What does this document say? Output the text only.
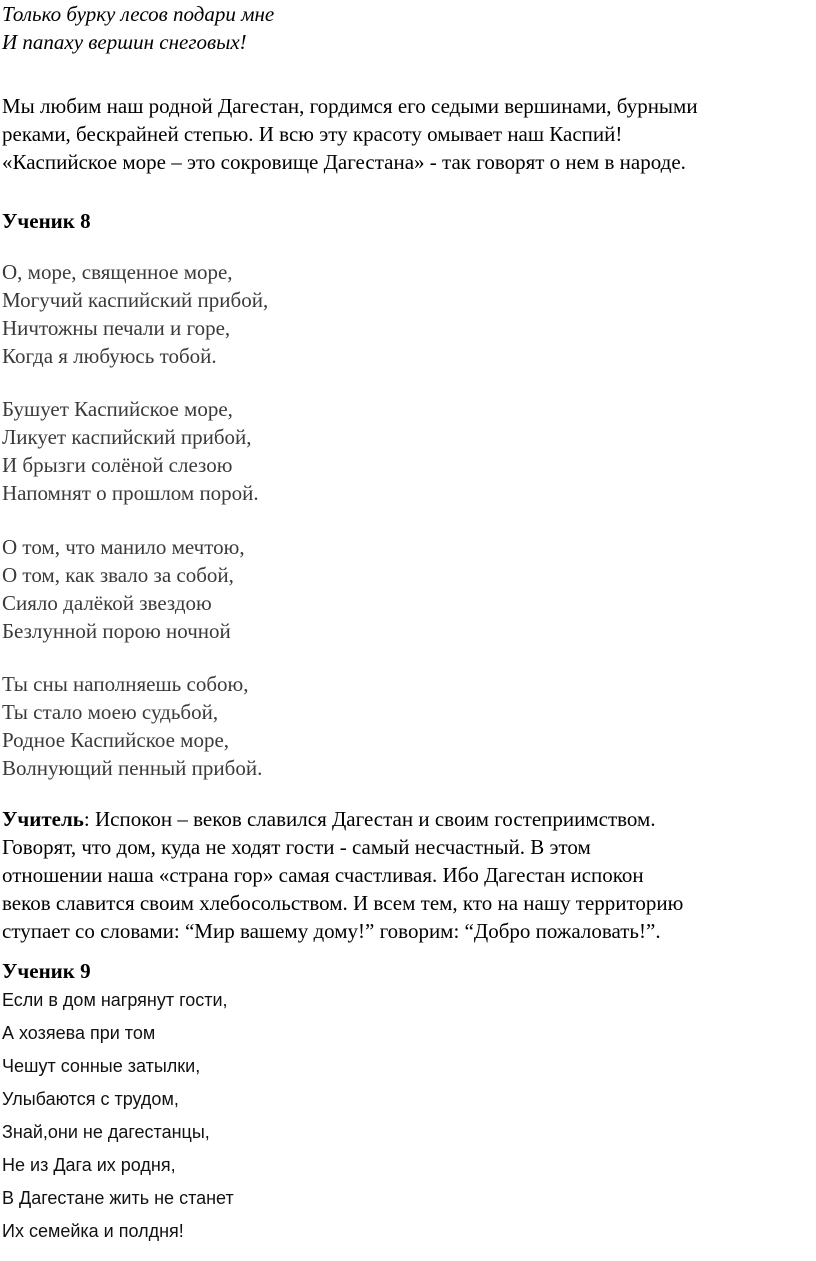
Только бурку лесов подари мне
И папаху вершин снеговых!
Мы любим наш родной Дагестан, гордимся его седыми вершинами, бурными
реками, бескрайней степью. И всю эту красоту омывает наш Каспий!
«Каспийское море – это сокровище Дагестана» - так говорят о нем в народе.
Ученик 8
О, море, священное море,
Могучий каспийский прибой,
Ничтожны печали и горе,
Когда я любуюсь тобой.
Бушует Каспийское море,
Ликует каспийский прибой,
И брызги солёной слезою
Напомнят о прошлом порой.
О том, что манило мечтою,
О том, как звало за собой,
Сияло далёкой звездою
Безлунной порою ночной
Ты сны наполняешь собою,
Ты стало моею судьбой,
Родное Каспийское море,
Волнующий пенный прибой.
Учитель: Испокон – веков славился Дагестан и своим гостеприимством.
Говорят, что дом, куда не ходят гости - самый несчастный. В этом
отношении наша «страна гор» самая счастливая. Ибо Дагестан испокон
веков славится своим хлебосольством. И всем тем, кто на нашу территорию
ступает со словами: “Мир вашему дому!” говорим: “Добро пожаловать!”.
Ученик 9
Если в дом нагрянут гости,
А хозяева при том
Чешут сонные затылки,
Улыбаются с трудом,
Знай,они не дагестанцы,
Не из Дага их родня,
В Дагестане жить не станет
Их семейка и полдня!
